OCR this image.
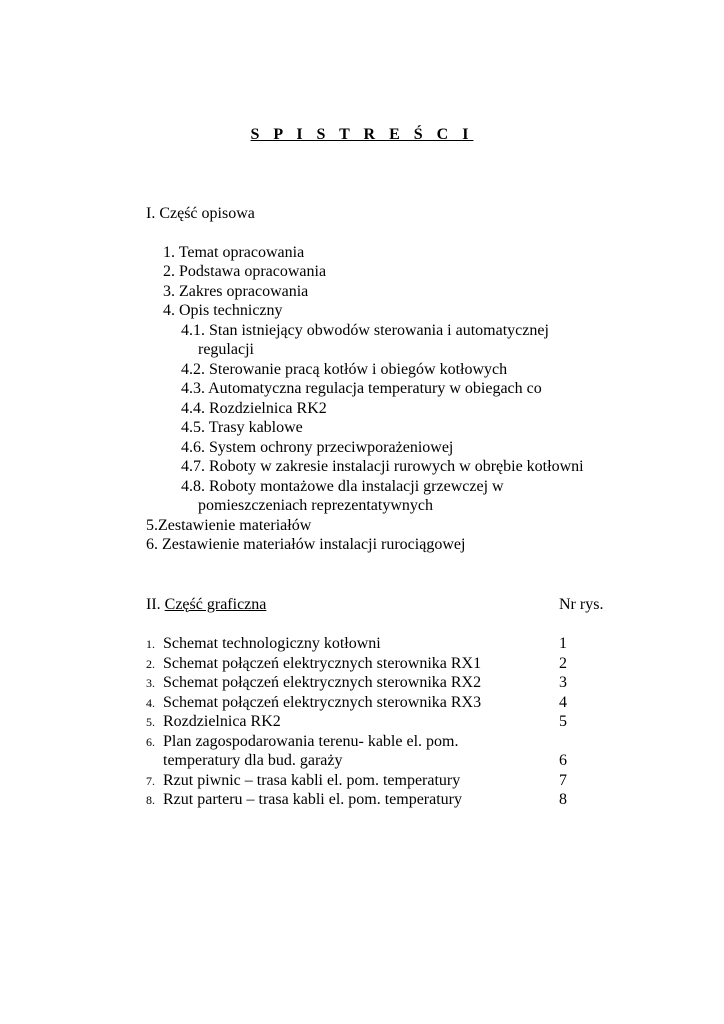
S P I S T R E Ś C I
I. Część opisowa
1. Temat opracowania
2. Podstawa opracowania
3. Zakres opracowania
4. Opis techniczny
4.1. Stan istniejący obwodów sterowania i automatycznej
regulacji
4.2. Sterowanie pracą kotłów i obiegów kotłowych
4.3. Automatyczna regulacja temperatury w obiegach co
4.4. Rozdzielnica RK2
4.5. Trasy kablowe
4.6. System ochrony przeciwporażeniowej
4.7. Roboty w zakresie instalacji rurowych w obrębie kotłowni
4.8. Roboty montażowe dla instalacji grzewczej w
pomieszczeniach reprezentatywnych
5.Zestawienie materiałów
6. Zestawienie materiałów instalacji rurociągowej
II. Część graficzna	Nr rys.
1. Schemat technologiczny kotłowni	1
2. Schemat połączeń elektrycznych sterownika RX1	2
3. Schemat połączeń elektrycznych sterownika RX2	3
4. Schemat połączeń elektrycznych sterownika RX3	4
5. Rozdzielnica RK2	5
6. Plan zagospodarowania terenu- kable el. pom.
temperatury dla bud. garaży	6
7. Rzut piwnic – trasa kabli el. pom. temperatury	7
8. Rzut parteru – trasa kabli el. pom. temperatury	8
